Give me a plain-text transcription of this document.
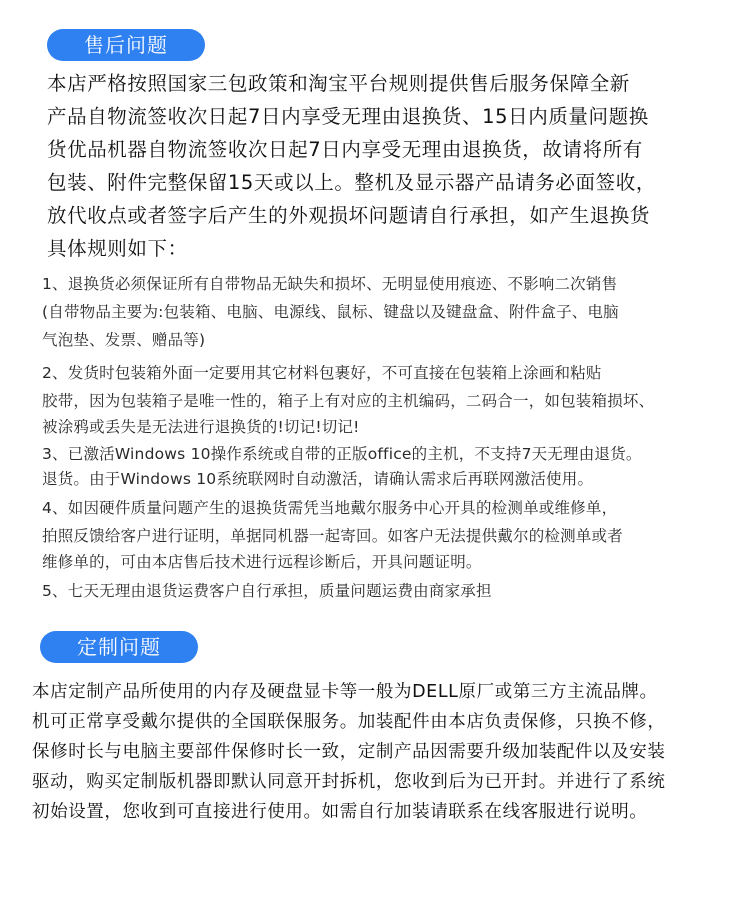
售后问题
本店严格按照国家三包政策和淘宝平台规则提供售后服务保障全新
产品自物流签收次日起7日内享受无理由退换货、15日内质量问题换
货优品机器自物流签收次日起7日内享受无理由退换货，故请将所有
包装、附件完整保留15天或以上。整机及显示器产品请务必面签收，
放代收点或者签字后产生的外观损坏问题请自行承担，如产生退换货
具体规则如下：
1、退换货必须保证所有自带物品无缺失和损坏、无明显使用痕迹、不影响二次销售
(自带物品主要为:包装箱、电脑、电源线、鼠标、键盘以及键盘盒、附件盒子、电脑
气泡垫、发票、赠品等)
2、发货时包装箱外面一定要用其它材料包裹好，不可直接在包装箱上涂画和粘贴
胶带，因为包装箱子是唯一性的，箱子上有对应的主机编码，二码合一，如包装箱损坏、
被涂鸦或丢失是无法进行退换货的!切记!切记!
3、已激活Windows 10操作系统或自带的正版office的主机，不支持7天无理由退货。
退货。由于Windows 10系统联网时自动激活，请确认需求后再联网激活使用。
4、如因硬件质量问题产生的退换货需凭当地戴尔服务中心开具的检测单或维修单，
拍照反馈给客户进行证明，单据同机器一起寄回。如客户无法提供戴尔的检测单或者
维修单的，可由本店售后技术进行远程诊断后，开具问题证明。
5、七天无理由退货运费客户自行承担，质量问题运费由商家承担
定制问题
本店定制产品所使用的内存及硬盘显卡等一般为DELL原厂或第三方主流品牌。
机可正常享受戴尔提供的全国联保服务。加装配件由本店负责保修，只换不修，
保修时长与电脑主要部件保修时长一致，定制产品因需要升级加装配件以及安装
驱动，购买定制版机器即默认同意开封拆机，您收到后为已开封。并进行了系统
初始设置，您收到可直接进行使用。如需自行加装请联系在线客服进行说明。
